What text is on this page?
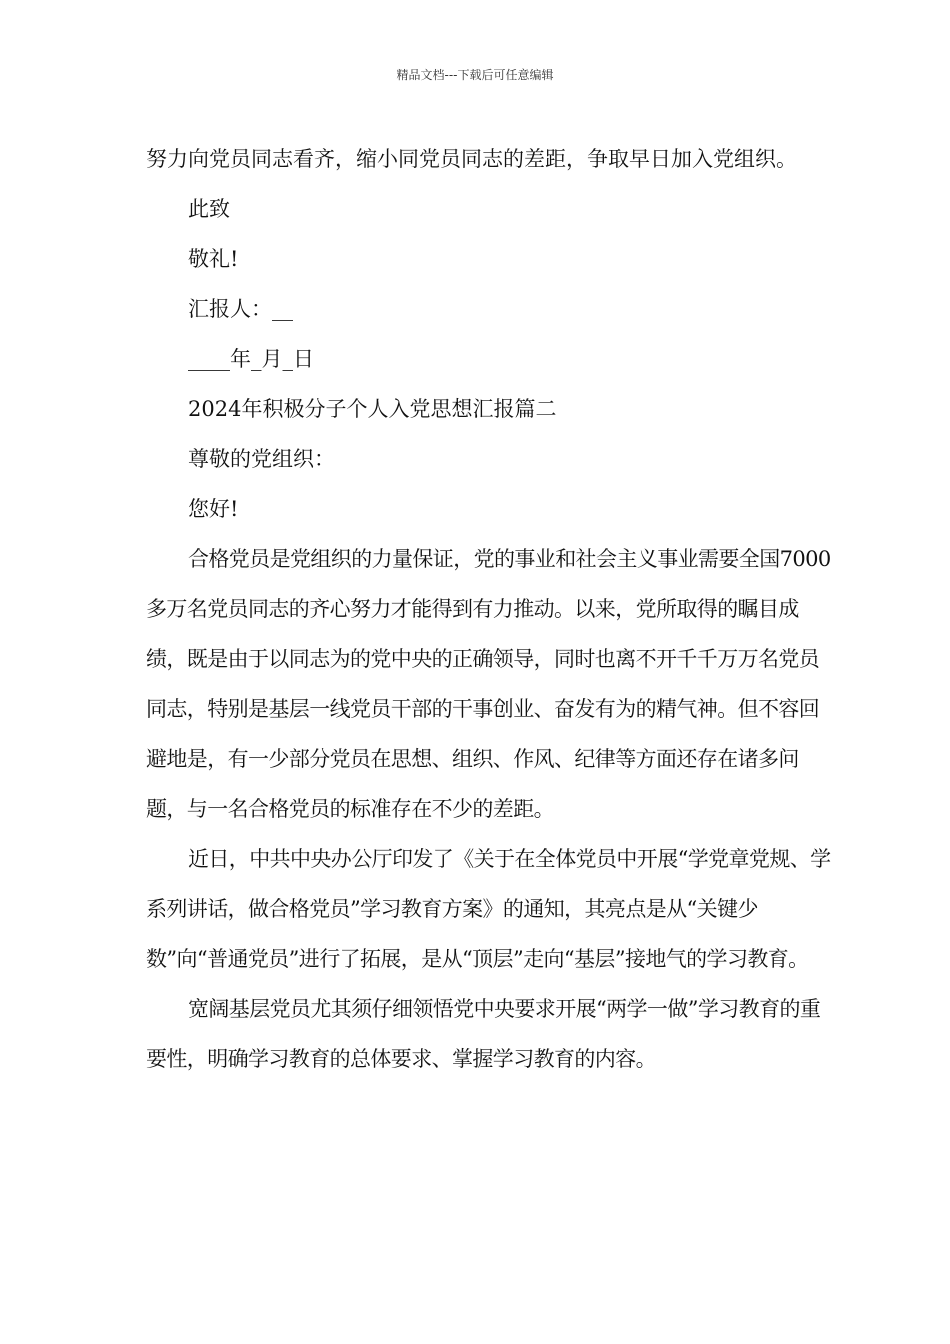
精品文档---下载后可任意编辑

努力向党员同志看齐，缩小同党员同志的差距，争取早日加入党组织。

此致

敬礼!

汇报人：__

____年_月_日

2024年积极分子个人入党思想汇报篇二

尊敬的党组织：

您好!

合格党员是党组织的力量保证，党的事业和社会主义事业需要全国7000多万名党员同志的齐心努力才能得到有力推动。以来，党所取得的瞩目成绩，既是由于以同志为的党中央的正确领导，同时也离不开千千万万名党员同志，特别是基层一线党员干部的干事创业、奋发有为的精气神。但不容回避地是，有一少部分党员在思想、组织、作风、纪律等方面还存在诸多问题，与一名合格党员的标准存在不少的差距。

近日，中共中央办公厅印发了《关于在全体党员中开展“学党章党规、学系列讲话，做合格党员”学习教育方案》的通知，其亮点是从“关键少数”向“普通党员”进行了拓展，是从“顶层”走向“基层”接地气的学习教育。

宽阔基层党员尤其须仔细领悟党中央要求开展“两学一做”学习教育的重要性，明确学习教育的总体要求、掌握学习教育的内容。
